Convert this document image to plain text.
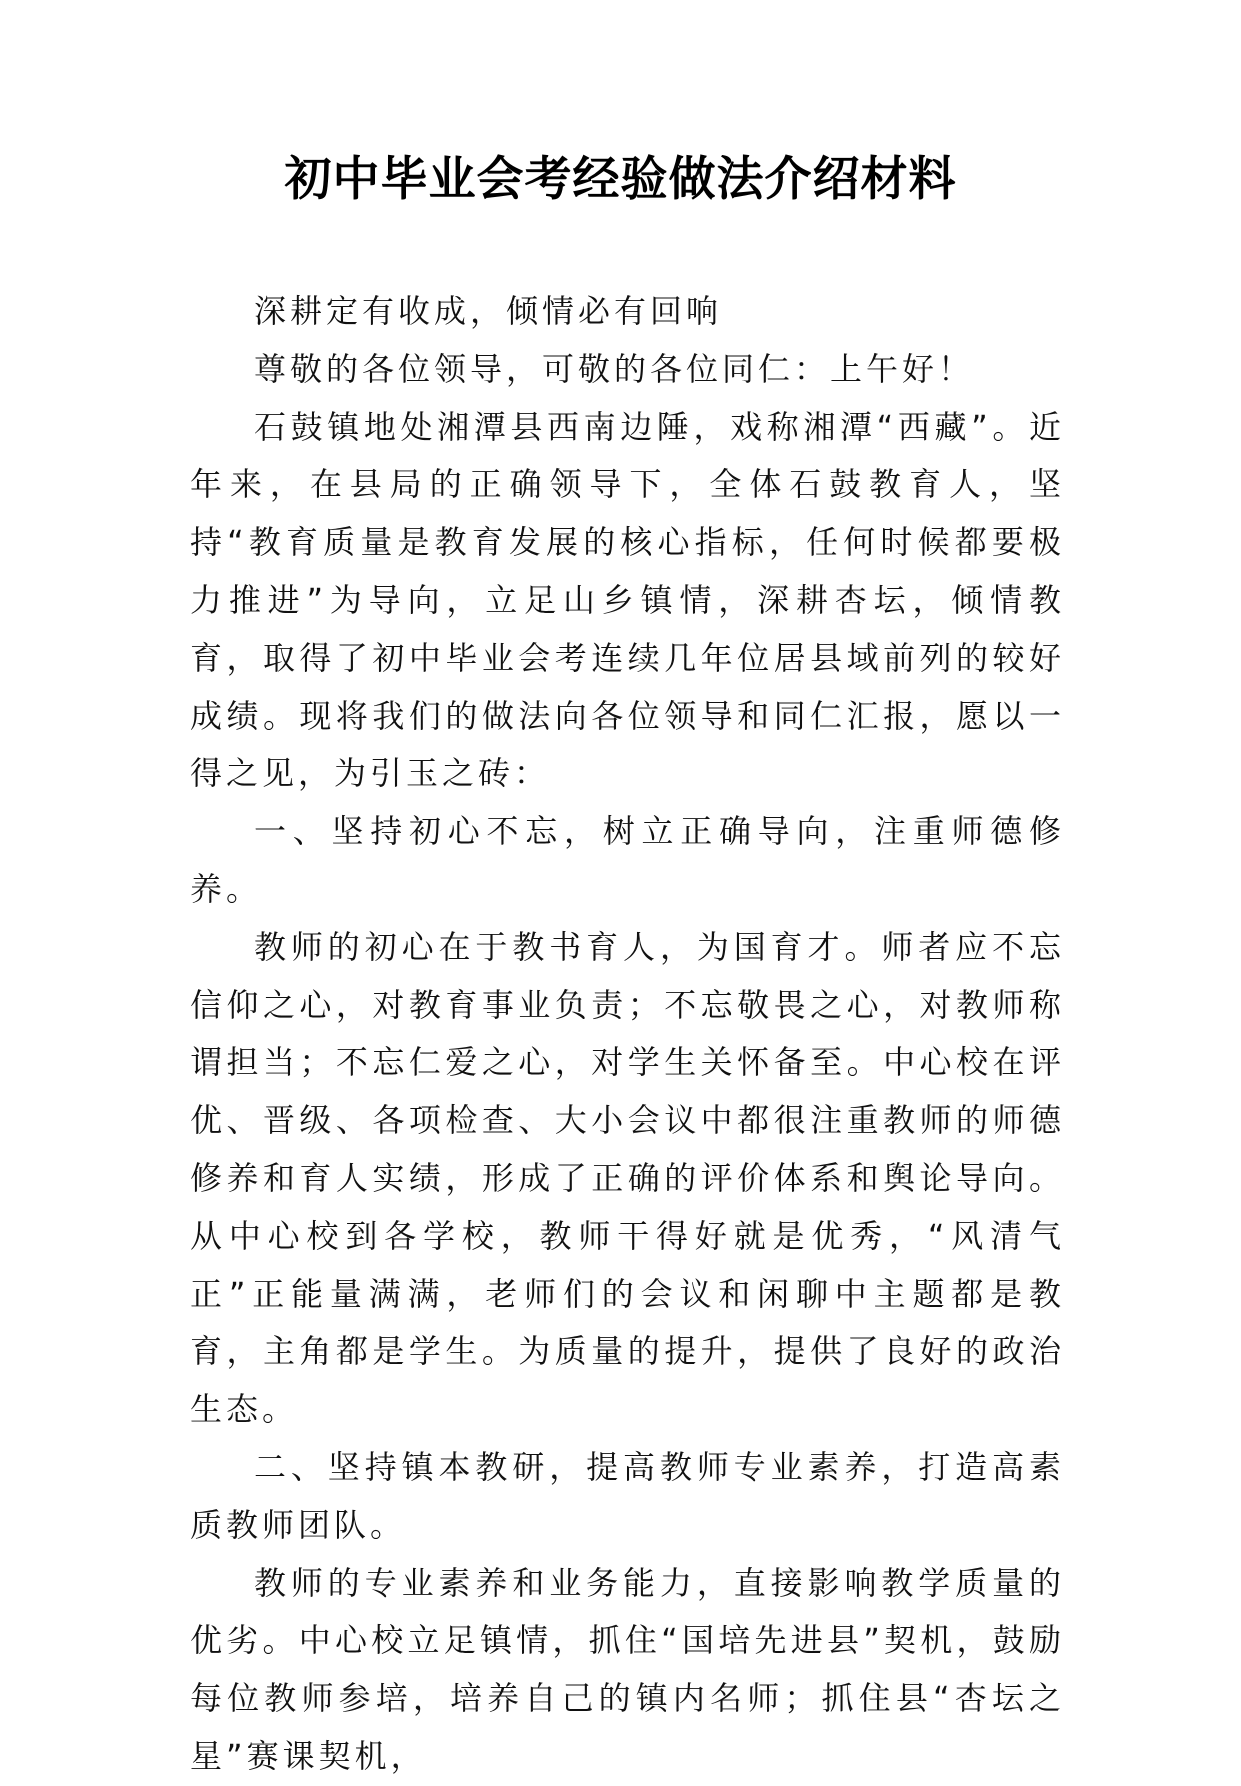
初中毕业会考经验做法介绍材料

深耕定有收成，倾情必有回响

尊敬的各位领导，可敬的各位同仁：上午好！

石鼓镇地处湘潭县西南边陲，戏称湘潭“西藏”。近年来，在县局的正确领导下，全体石鼓教育人，坚持“教育质量是教育发展的核心指标，任何时候都要极力推进”为导向，立足山乡镇情，深耕杏坛，倾情教育，取得了初中毕业会考连续几年位居县域前列的较好成绩。现将我们的做法向各位领导和同仁汇报，愿以一得之见，为引玉之砖：

一、坚持初心不忘，树立正确导向，注重师德修养。

教师的初心在于教书育人，为国育才。师者应不忘信仰之心，对教育事业负责；不忘敬畏之心，对教师称谓担当；不忘仁爱之心，对学生关怀备至。中心校在评优、晋级、各项检查、大小会议中都很注重教师的师德修养和育人实绩，形成了正确的评价体系和舆论导向。从中心校到各学校，教师干得好就是优秀，“风清气正”正能量满满，老师们的会议和闲聊中主题都是教育，主角都是学生。为质量的提升，提供了良好的政治生态。

二、坚持镇本教研，提高教师专业素养，打造高素质教师团队。

教师的专业素养和业务能力，直接影响教学质量的优劣。中心校立足镇情，抓住“国培先进县”契机，鼓励每位教师参培，培养自己的镇内名师；抓住县“杏坛之星”赛课契机，
